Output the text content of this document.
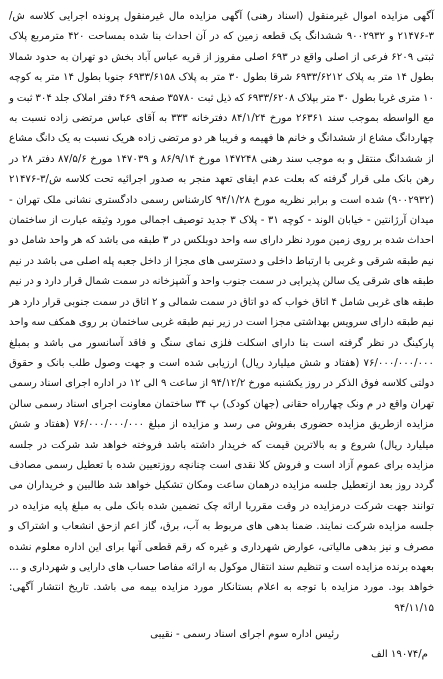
آگهی مزایده اموال غیرمنقول (اسناد رهنی) آگهی مزایده مال غیرمنقول پرونده اجرایی کلاسه ش/۳-۲۱۴۷۶ و ۹۰۰۲۹۳۲ ششدانگ یک قطعه زمین که در آن احداث بنا شده بمساحت ۴۲۰ مترمربع پلاک ثبتی ۶۲۰۹ فرعی از اصلی واقع در ۶۹۳ اصلی مفروز از قریه عباس آباد بخش دو تهران به حدود شمالا بطول ۱۴ متر به پلاک ۶۹۳۳/۶۲۱۲ شرقا بطول ۳۰ متر به پلاک ۶۹۳۳/۶۱۵۸ جنوبا بطول ۱۴ متر به کوچه ۱۰ متری غربا بطول ۳۰ متر بپلاک ۶۹۳۳/۶۲۰۸ که ذیل ثبت ۳۵۷۸۰ صفحه ۴۶۹ دفتر املاک جلد ۳۰۴ ثبت و مع الواسطه بموجب سند ۲۶۳۶۱ مورخ ۸۴/۱/۲۴ دفترخانه ۳۳۳ به آقای عباس مرتضی زاده نسبت به چهاردانگ مشاع از ششدانگ و خانم ها فهیمه و فریبا هر دو مرتضی زاده هریک نسبت به یک دانگ مشاع از ششدانگ منتقل و به موجب سند رهنی ۱۴۷۲۴۸ مورخ ۸۶/۹/۱۴ و ۱۴۷۰۳۹ مورخ ۸۷/۵/۶ دفتر ۲۸ در رهن بانک ملی قرار گرفته که بعلت عدم ایفای تعهد منجر به صدور اجرائیه تحت کلاسه ش/۳-۲۱۴۷۶ (۹۰۰۲۹۳۲) شده است و برابر نظریه مورخ ۹۴/۱/۲۸ کارشناس رسمی دادگستری نشانی ملک تهران - میدان آرژانتین - خیابان الوند - کوچه ۳۱ - پلاک ۳ جدید توصیف اجمالی مورد وثیقه عبارت از ساختمان احداث شده بر روی زمین مورد نظر دارای سه واحد دوبلکس در ۳ طبقه می باشد که هر واحد شامل دو نیم طبقه شرقی و غربی با ارتباط داخلی و دسترسی های مجزا از داخل جعبه پله اصلی می باشد در نیم طبقه های شرقی یک سالن پذیرایی در سمت جنوب واحد و آشپزخانه در سمت شمال قرار دارد و در نیم طبقه های غربی شامل ۴ اتاق خواب که دو اتاق در سمت شمالی و ۲ اتاق در سمت جنوبی قرار دارد هر نیم طبقه دارای سرویس بهداشتی مجزا است در زیر نیم طبقه غربی ساختمان بر روی همکف سه واحد پارکینگ در نظر گرفته است بنا دارای اسکلت فلزی نمای سنگ و فاقد آسانسور می باشد و بمبلغ ۷۶/۰۰۰/۰۰۰/۰۰۰ (هفتاد و شش میلیارد ریال) ارزیابی شده است و جهت وصول طلب بانک و حقوق دولتی کلاسه فوق الذکر در روز یکشنبه مورخ ۹۴/۱۲/۲ از ساعت ۹ الی ۱۲ در اداره اجرای اسناد رسمی تهران واقع در م ونک چهارراه حقانی (جهان کودک) پ ۳۴ ساختمان معاونت اجرای اسناد رسمی سالن مزایده ازطریق مزایده حضوری بفروش می رسد و مزایده از مبلغ ۷۶/۰۰۰/۰۰۰/۰۰۰ (هفتاد و شش میلیارد ریال) شروع و به بالاترین قیمت که خریدار داشته باشد فروخته خواهد شد شرکت در جلسه مزایده برای عموم آزاد است و فروش کلا نقدی است چنانچه روزتعیین شده با تعطیل رسمی مصادف گردد روز بعد ازتعطیل جلسه مزایده درهمان ساعت ومکان تشکیل خواهد شد طالبین و خریداران می توانند جهت شرکت درمزایده در وقت مقرربا ارائه چک تضمین شده بانک ملی به مبلغ پایه مزایده در جلسه مزایده شرکت نمایند. ضمنا بدهی های مربوط به آب، برق، گاز اعم ازحق انشعاب و اشتراک و مصرف و نیز بدهی مالیاتی، عوارض شهرداری و غیره که رقم قطعی آنها برای این اداره معلوم نشده بعهده برنده مزایده است و تنظیم سند انتقال موکول به ارائه مفاصا حساب های دارایی و شهرداری و ... خواهد بود. مورد مزایده با توجه به اعلام بستانکار مورد مزایده بیمه می باشد. تاریخ انتشار آگهی: ۹۴/۱۱/۱۵

رئیس اداره سوم اجرای اسناد رسمی - نقیبی
م/۱۹۰۷۴ الف
